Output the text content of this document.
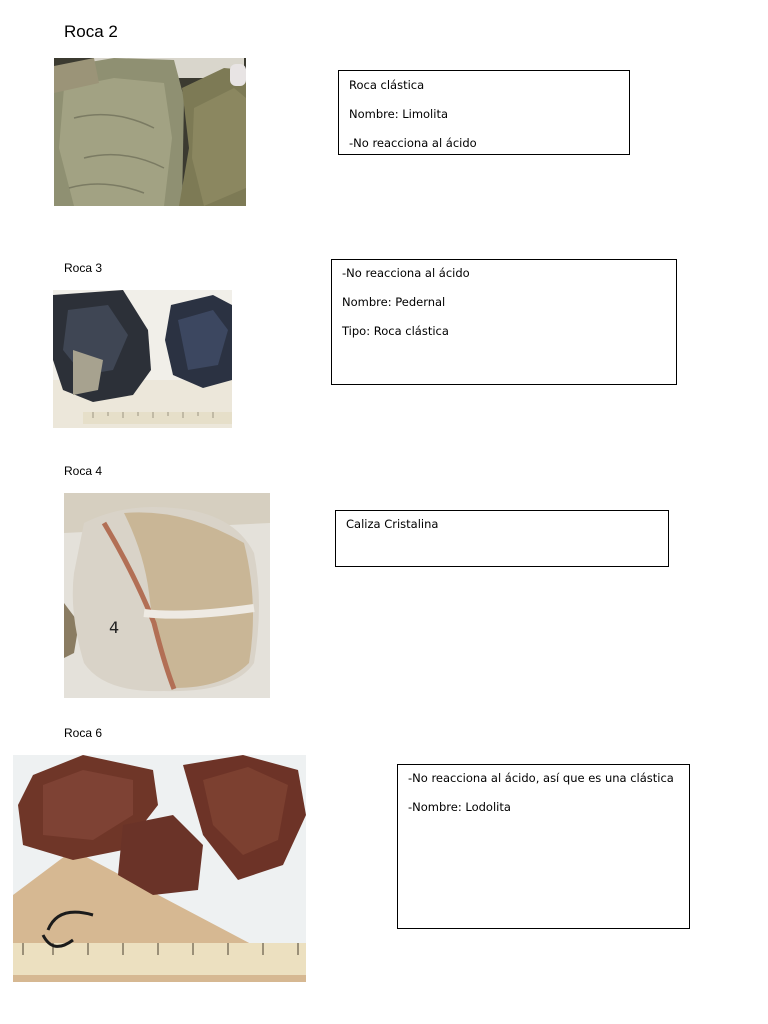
Roca 2

Roca clástica

Nombre: Limolita

-No reacciona al ácido

Roca 3	-No reacciona al ácido

Nombre: Pedernal

Tipo: Roca clástica

Roca 4
4

Caliza Cristalina

Roca 6

-No reacciona al ácido, así que es una clástica

-Nombre: Lodolita
